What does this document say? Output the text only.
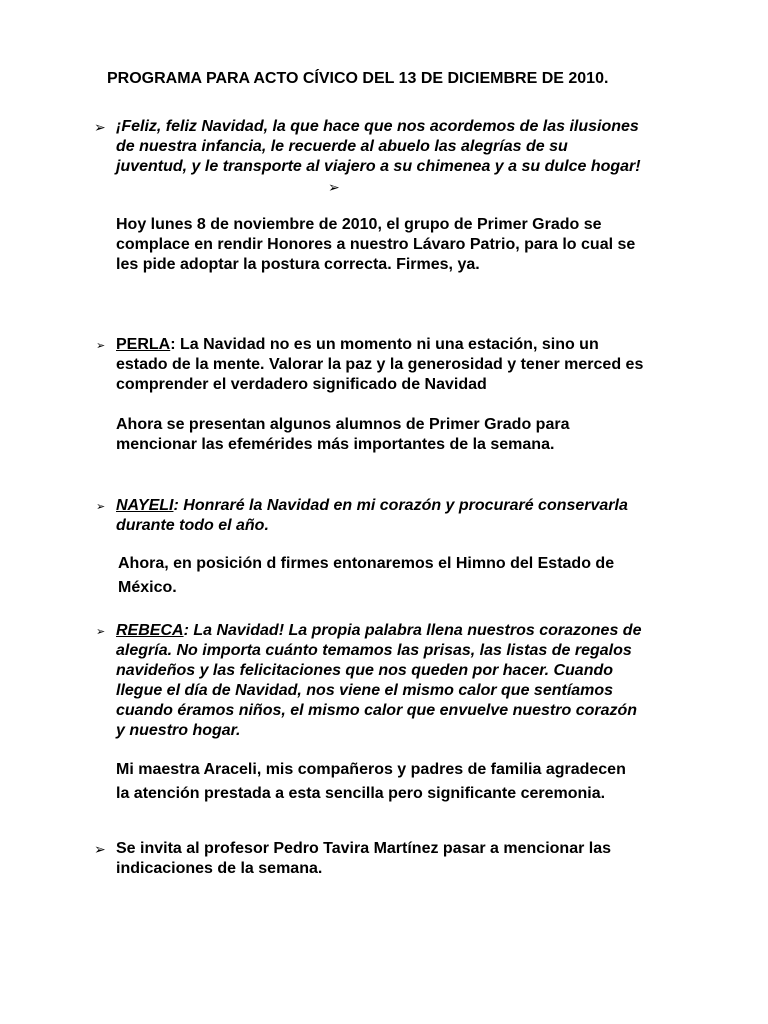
PROGRAMA PARA ACTO CÍVICO DEL 13 DE DICIEMBRE DE 2010.
➢ ¡Feliz, feliz Navidad, la que hace que nos acordemos de las ilusiones
de nuestra infancia, le recuerde al abuelo las alegrías de su
juventud, y le transporte al viajero a su chimenea y a su dulce hogar!
➢
Hoy lunes 8 de noviembre de 2010, el grupo de Primer Grado se
complace en rendir Honores a nuestro Lávaro Patrio, para lo cual se
les pide adoptar la postura correcta. Firmes, ya.
➢ PERLA: La Navidad no es un momento ni una estación, sino un
estado de la mente. Valorar la paz y la generosidad y tener merced es
comprender el verdadero significado de Navidad
Ahora se presentan algunos alumnos de Primer Grado para
mencionar las efemérides más importantes de la semana.
➢ NAYELI: Honraré la Navidad en mi corazón y procuraré conservarla
durante todo el año.
Ahora, en posición d firmes entonaremos el Himno del Estado de
México.
➢ REBECA: La Navidad! La propia palabra llena nuestros corazones de
alegría. No importa cuánto temamos las prisas, las listas de regalos
navideños y las felicitaciones que nos queden por hacer. Cuando
llegue el día de Navidad, nos viene el mismo calor que sentíamos
cuando éramos niños, el mismo calor que envuelve nuestro corazón
y nuestro hogar.
Mi maestra Araceli, mis compañeros y padres de familia agradecen
la atención prestada a esta sencilla pero significante ceremonia.
➢ Se invita al profesor Pedro Tavira Martínez pasar a mencionar las
indicaciones de la semana.
